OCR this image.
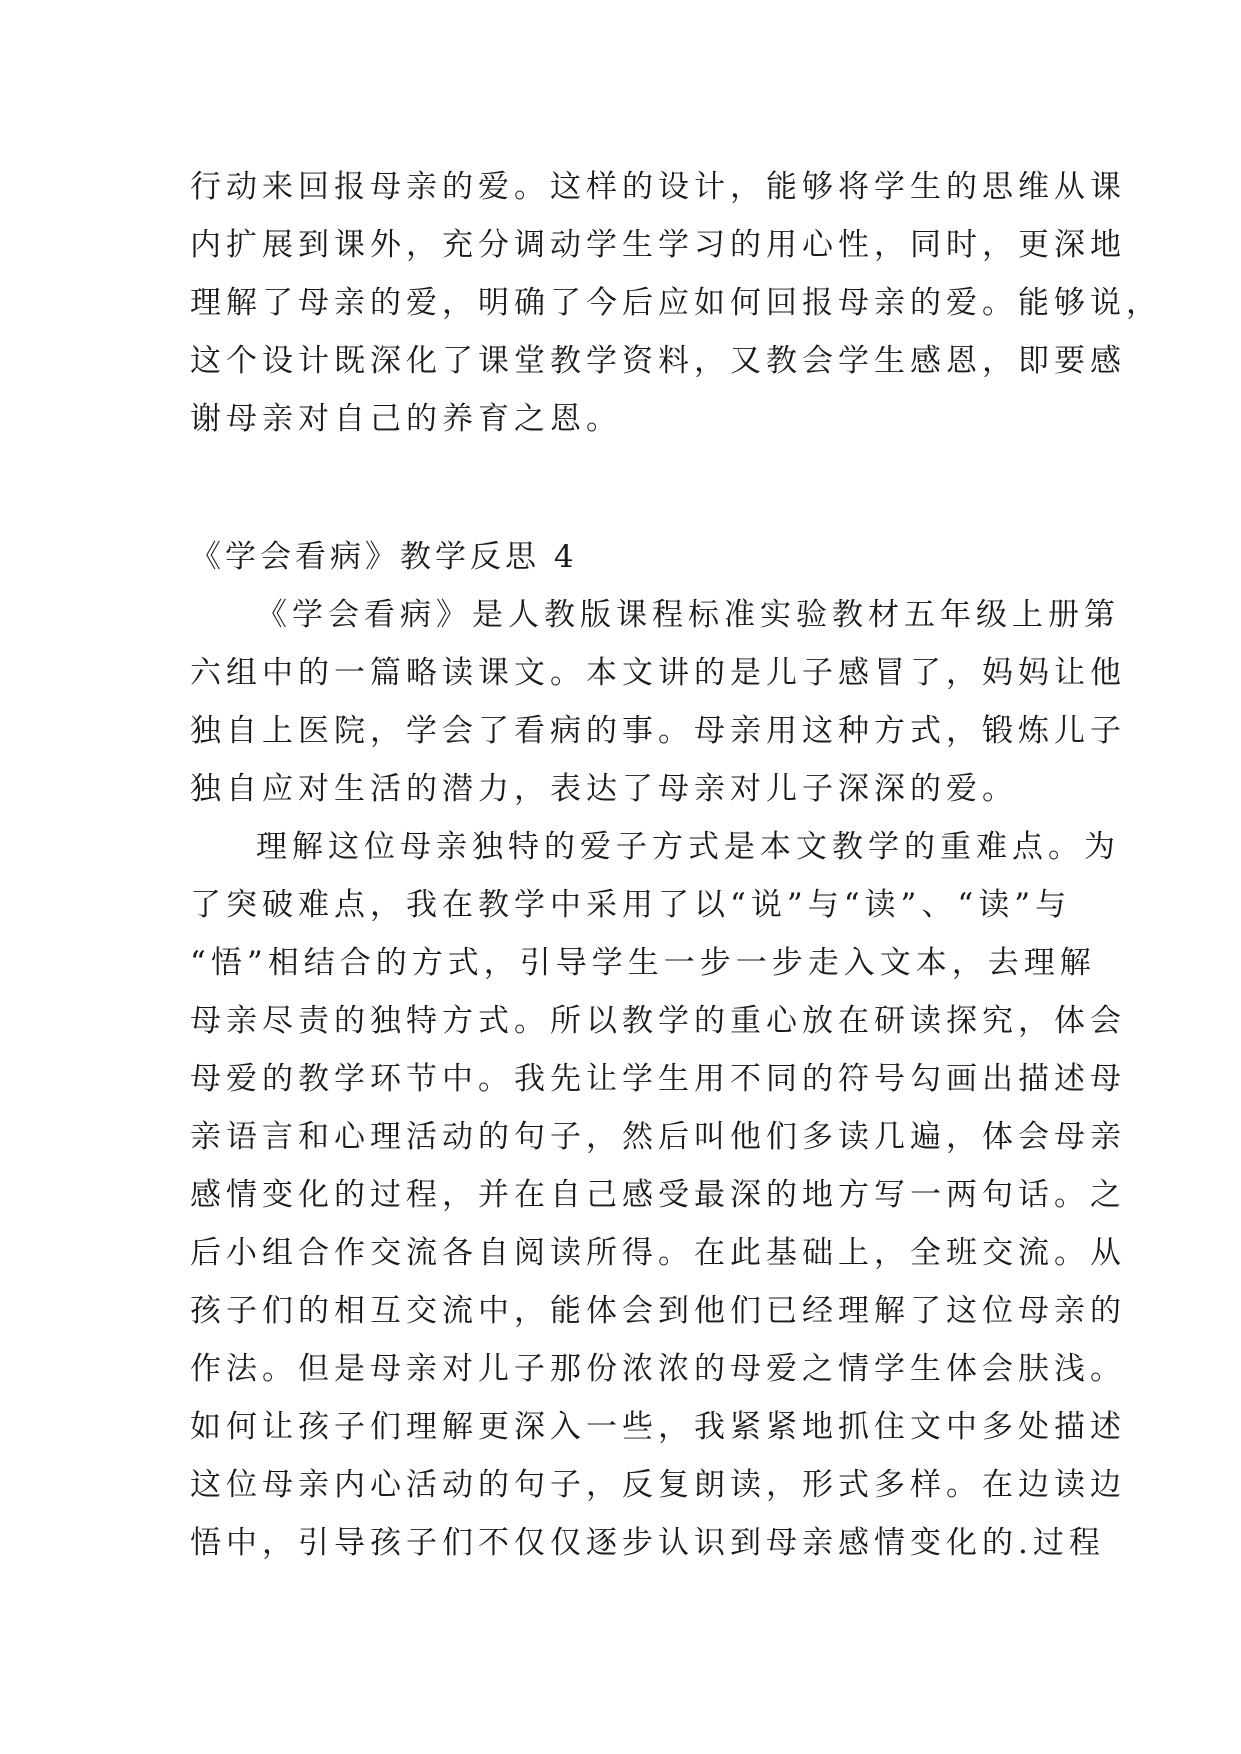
行动来回报母亲的爱。这样的设计，能够将学生的思维从课
内扩展到课外，充分调动学生学习的用心性，同时，更深地
理解了母亲的爱，明确了今后应如何回报母亲的爱。能够说，
这个设计既深化了课堂教学资料，又教会学生感恩，即要感
谢母亲对自己的养育之恩。
《学会看病》教学反思 4
《学会看病》是人教版课程标准实验教材五年级上册第
六组中的一篇略读课文。本文讲的是儿子感冒了，妈妈让他
独自上医院，学会了看病的事。母亲用这种方式，锻炼儿子
独自应对生活的潜力，表达了母亲对儿子深深的爱。
理解这位母亲独特的爱子方式是本文教学的重难点。为
了突破难点，我在教学中采用了以“说”与“读”、“读”与
“悟”相结合的方式，引导学生一步一步走入文本，去理解
母亲尽责的独特方式。所以教学的重心放在研读探究，体会
母爱的教学环节中。我先让学生用不同的符号勾画出描述母
亲语言和心理活动的句子，然后叫他们多读几遍，体会母亲
感情变化的过程，并在自己感受最深的地方写一两句话。之
后小组合作交流各自阅读所得。在此基础上，全班交流。从
孩子们的相互交流中，能体会到他们已经理解了这位母亲的
作法。但是母亲对儿子那份浓浓的母爱之情学生体会肤浅。
如何让孩子们理解更深入一些，我紧紧地抓住文中多处描述
这位母亲内心活动的句子，反复朗读，形式多样。在边读边
悟中，引导孩子们不仅仅逐步认识到母亲感情变化的.过程
